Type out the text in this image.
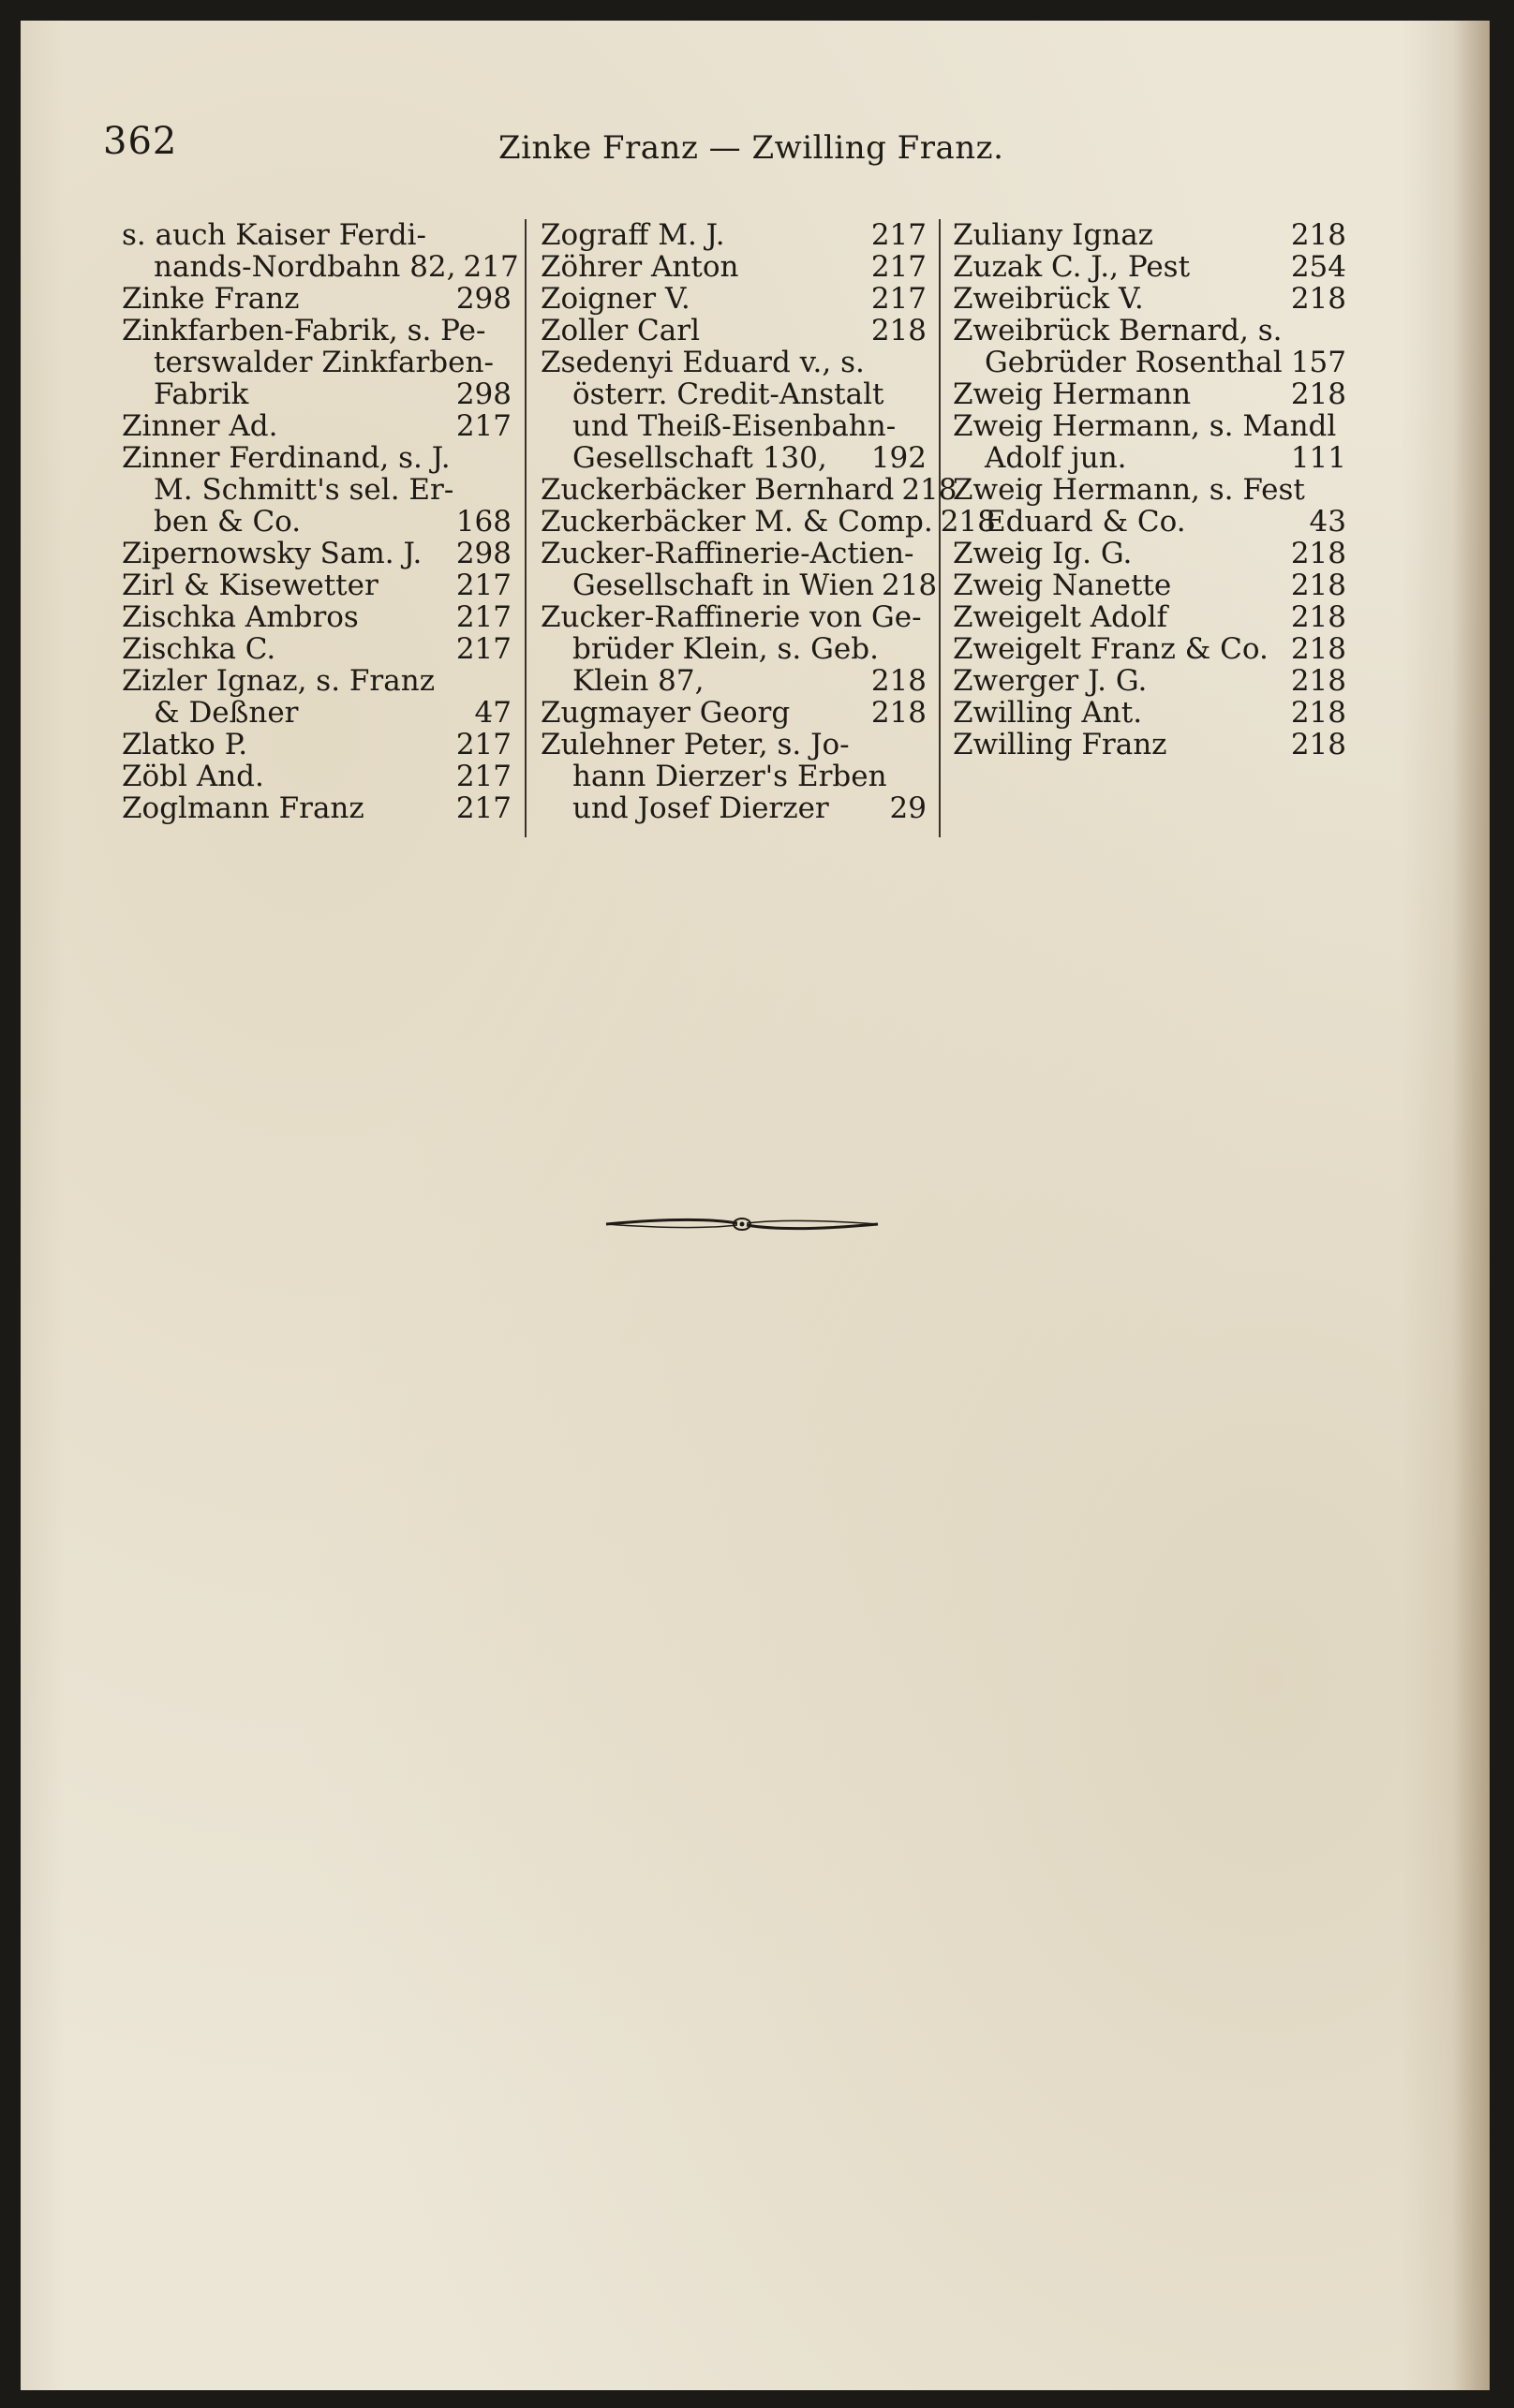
362	Zinke Franz — Zwilling Franz.
s. auch Kaiser Ferdi-
nands-Nordbahn 82, 217
Zinke Franz	298
Zinkfarben-Fabrik, s. Pe-
terswalder Zinkfarben-
Fabrik	298
Zinner Ad.	217
Zinner Ferdinand, s. J.
M. Schmitt's sel. Er-
ben & Co.	168
Zipernowsky Sam. J. 298
Zirl & Kisewetter	217
Zischka Ambros	217
Zischka C.	217
Zizler Ignaz, s. Franz
& Deßner	47
Zlatko P.	217
Zöbl And.	217
Zoglmann Franz	217
Zograff M. J.	217
Zöhrer Anton	217
Zoigner V.	217
Zoller Carl	218
Zsedenyi Eduard v., s.
österr. Credit-Anstalt
und Theiß-Eisenbahn-
Gesellschaft 130, 192
Zuckerbäcker Bernhard 218
Zuckerbäcker M. & Comp. 218
Zucker-Raffinerie-Actien-
Gesellschaft in Wien 218
Zucker-Raffinerie von Ge-
brüder Klein, s. Geb.
Klein 87,	218
Zugmayer Georg	218
Zulehner Peter, s. Jo-
hann Dierzer's Erben
und Josef Dierzer 29
Zuliany Ignaz	218
Zuzak C. J., Pest	254
Zweibrück V.	218
Zweibrück Bernard, s.
Gebrüder Rosenthal 157
Zweig Hermann	218
Zweig Hermann, s. Mandl
Adolf jun.	111
Zweig Hermann, s. Fest
Eduard & Co.	43
Zweig Ig. G.	218
Zweig Nanette	218
Zweigelt Adolf	218
Zweigelt Franz & Co. 218
Zwerger J. G.	218
Zwilling Ant.	218
Zwilling Franz	218
